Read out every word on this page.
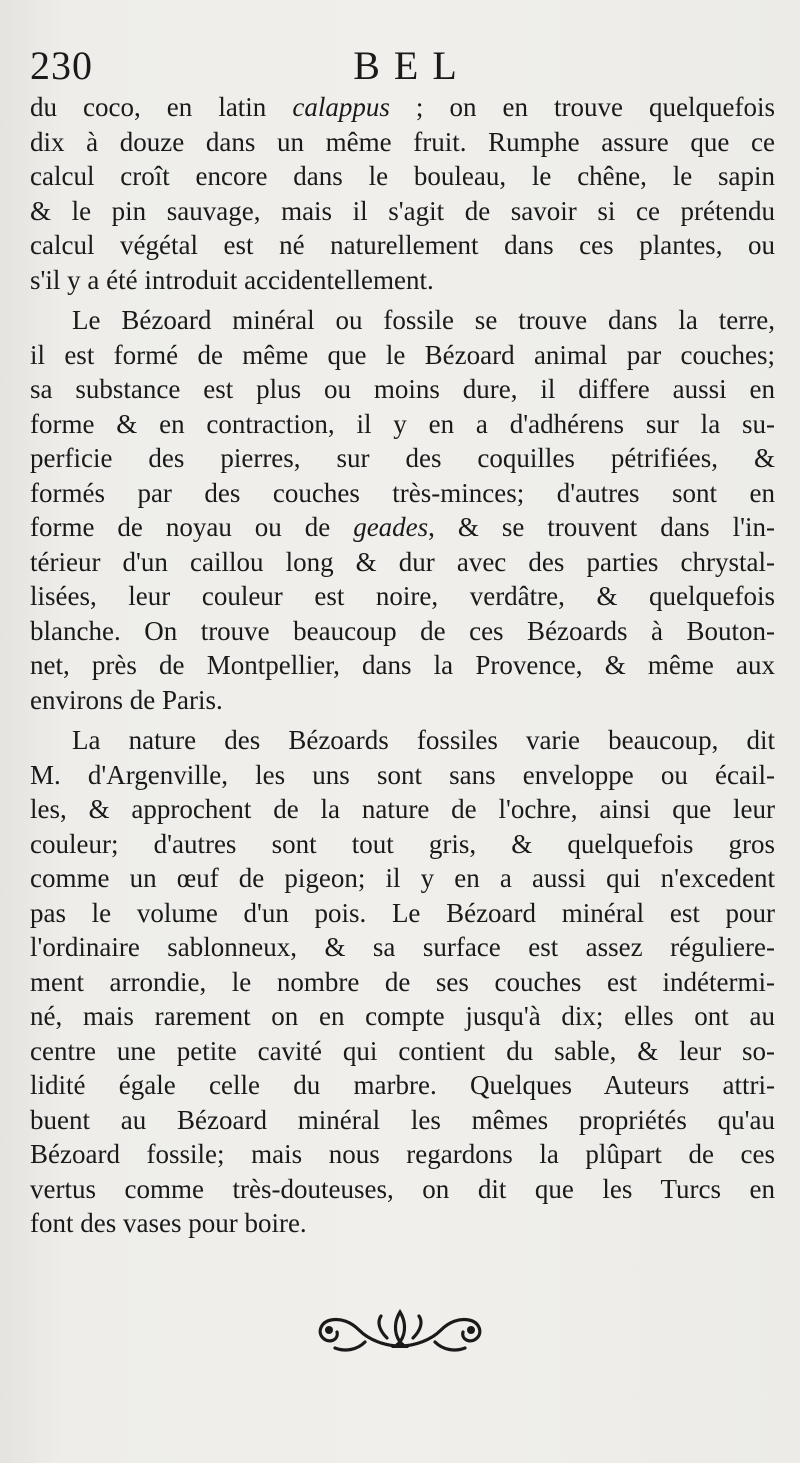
230	BEL
du coco, en latin calappus ; on en trouve quelquefois
dix à douze dans un même fruit. Rumphe assure que ce
calcul croît encore dans le bouleau, le chêne, le sapin
& le pin sauvage, mais il s'agit de savoir si ce prétendu
calcul végétal est né naturellement dans ces plantes, ou
s'il y a été introduit accidentellement.
Le Bézoard minéral ou fossile se trouve dans la terre,
il est formé de même que le Bézoard animal par couches;
sa substance est plus ou moins dure, il differe aussi en
forme & en contraction, il y en a d'adhérens sur la su-
perficie des pierres, sur des coquilles pétrifiées, &
formés par des couches très-minces; d'autres sont en
forme de noyau ou de geades, & se trouvent dans l'in-
térieur d'un caillou long & dur avec des parties chrystal-
lisées, leur couleur est noire, verdâtre, & quelquefois
blanche. On trouve beaucoup de ces Bézoards à Bouton-
net, près de Montpellier, dans la Provence, & même aux
environs de Paris.
La nature des Bézoards fossiles varie beaucoup, dit
M. d'Argenville, les uns sont sans enveloppe ou écail-
les, & approchent de la nature de l'ochre, ainsi que leur
couleur; d'autres sont tout gris, & quelquefois gros
comme un œuf de pigeon; il y en a aussi qui n'excedent
pas le volume d'un pois. Le Bézoard minéral est pour
l'ordinaire sablonneux, & sa surface est assez réguliere-
ment arrondie, le nombre de ses couches est indétermi-
né, mais rarement on en compte jusqu'à dix; elles ont au
centre une petite cavité qui contient du sable, & leur so-
lidité égale celle du marbre. Quelques Auteurs attri-
buent au Bézoard minéral les mêmes propriétés qu'au
Bézoard fossile; mais nous regardons la plûpart de ces
vertus comme très-douteuses, on dit que les Turcs en
font des vases pour boire.
